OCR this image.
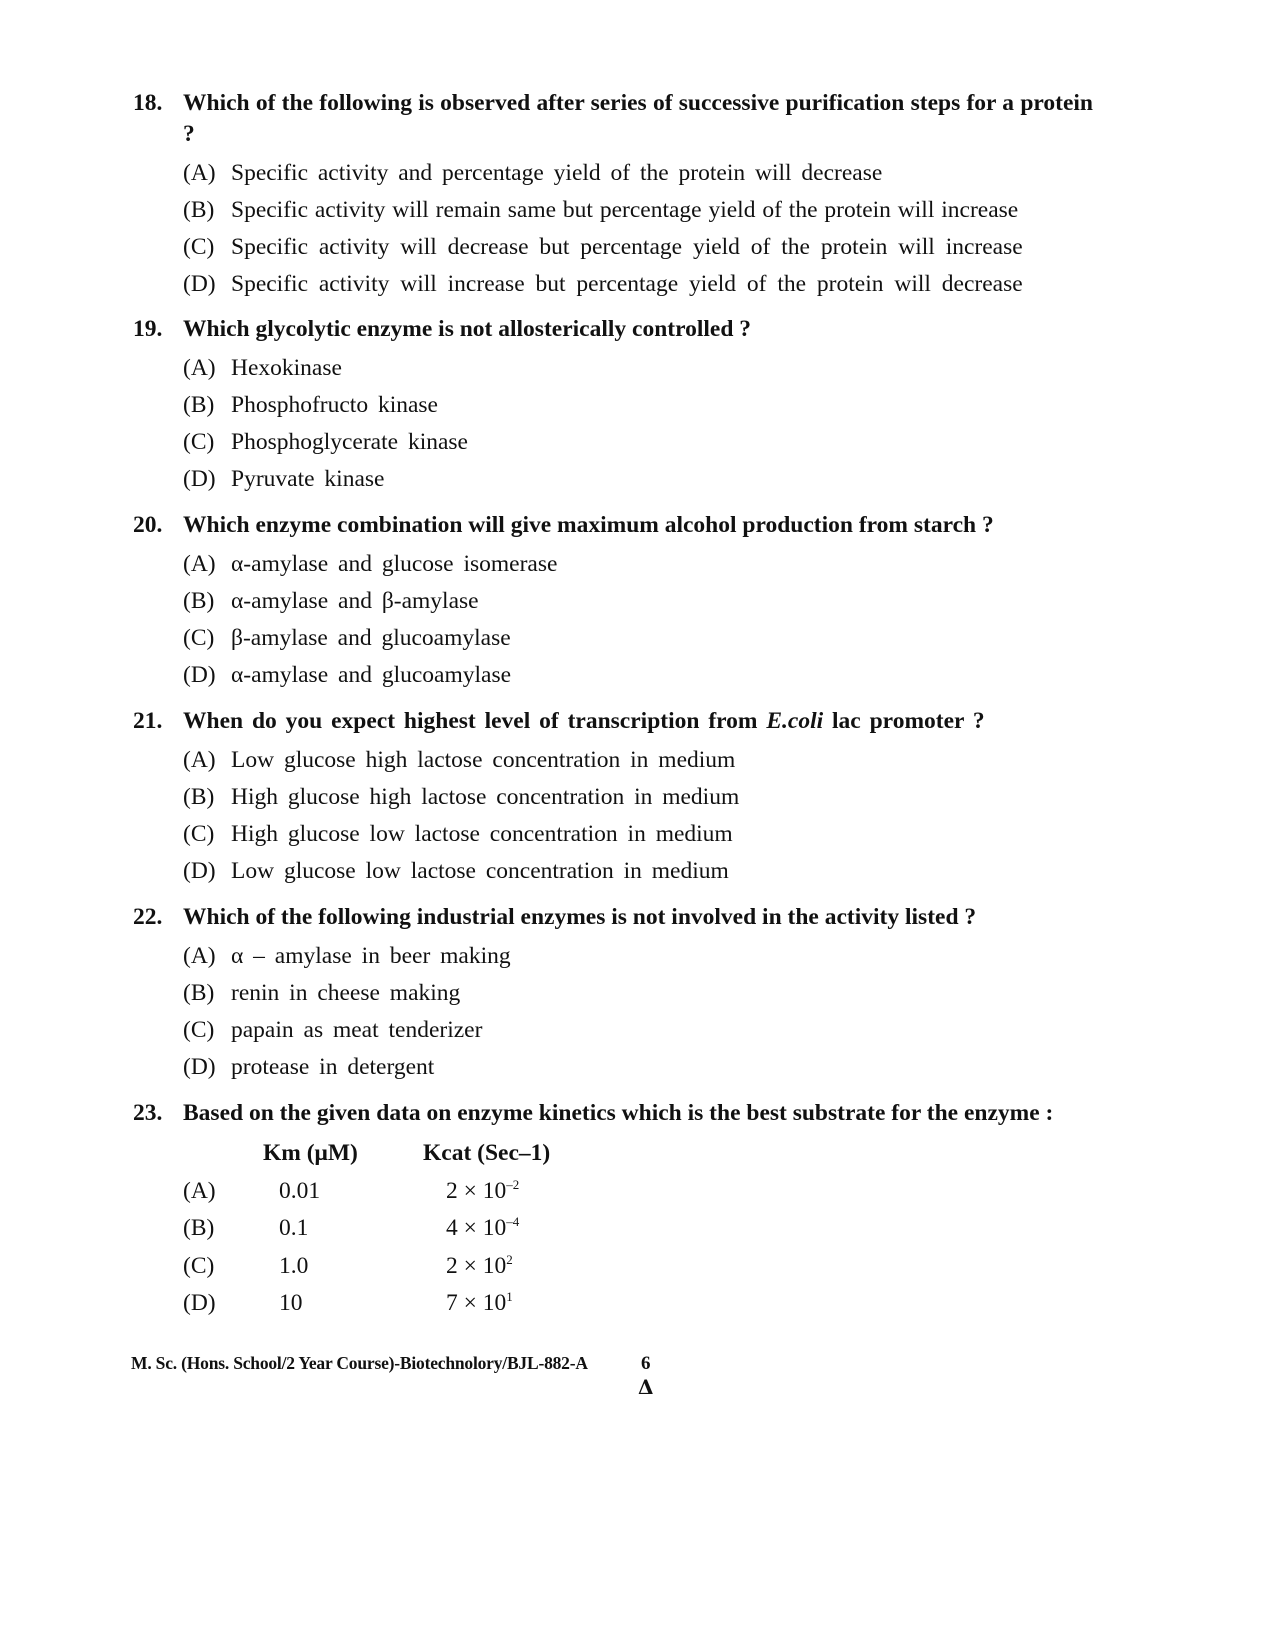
18. Which of the following is observed after series of successive purification steps for a protein ?
(A) Specific activity and percentage yield of the protein will decrease
(B) Specific activity will remain same but percentage yield of the protein will increase
(C) Specific activity will decrease but percentage yield of the protein will increase
(D) Specific activity will increase but percentage yield of the protein will decrease
19. Which glycolytic enzyme is not allosterically controlled ?
(A) Hexokinase
(B) Phosphofructo kinase
(C) Phosphoglycerate kinase
(D) Pyruvate kinase
20. Which enzyme combination will give maximum alcohol production from starch ?
(A) α-amylase and glucose isomerase
(B) α-amylase and β-amylase
(C) β-amylase and glucoamylase
(D) α-amylase and glucoamylase
21. When do you expect highest level of transcription from E.coli lac promoter ?
(A) Low glucose high lactose concentration in medium
(B) High glucose high lactose concentration in medium
(C) High glucose low lactose concentration in medium
(D) Low glucose low lactose concentration in medium
22. Which of the following industrial enzymes is not involved in the activity listed ?
(A) α – amylase in beer making
(B) renin in cheese making
(C) papain as meat tenderizer
(D) protease in detergent
23. Based on the given data on enzyme kinetics which is the best substrate for the enzyme :
Km (μM)	Kcat (Sec–1)
(A)	0.01	$2 \times 10^{-2}$
(B)	0.1	$4 \times 10^{-4}$
(C)	1.0	$2 \times 10^2$
(D)	10	$7 \times 10^1$
M. Sc. (Hons. School/2 Year Course)-Biotechnolory/BJL-882-A	6
Δ
